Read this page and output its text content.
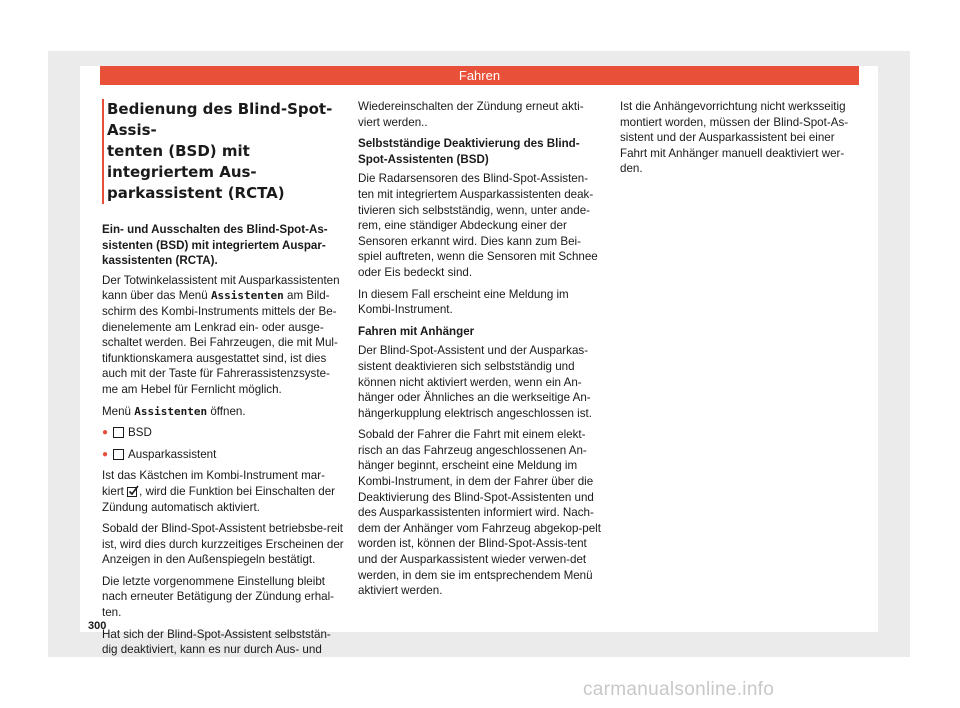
Fahren
Bedienung des Blind-Spot-Assis-
tenten (BSD) mit integriertem Aus-
parkassistent (RCTA)

Ein- und Ausschalten des Blind-Spot-As-sistenten (BSD) mit integriertem Auspar-kassistenten (RCTA).

Der Totwinkelassistent mit Ausparkassistenten kann über das Menü Assistenten am Bild-schirm des Kombi-Instruments mittels der Be-dienelemente am Lenkrad ein- oder ausge-schaltet werden. Bei Fahrzeugen, die mit Mul-tifunktionskamera ausgestattet sind, ist dies auch mit der Taste für Fahrerassistenzsyste-me am Hebel für Fernlicht möglich.

Menü Assistenten öffnen.

● BSD
● Ausparkassistent

Ist das Kästchen im Kombi-Instrument mar-kiert , wird die Funktion bei Einschalten der Zündung automatisch aktiviert.

Sobald der Blind-Spot-Assistent betriebsbe-reit ist, wird dies durch kurzzeitiges Erscheinen der Anzeigen in den Außenspiegeln bestätigt.

Die letzte vorgenommene Einstellung bleibt nach erneuter Betätigung der Zündung erhal-ten.

Hat sich der Blind-Spot-Assistent selbststän-dig deaktiviert, kann es nur durch Aus- und

Wiedereinschalten der Zündung erneut akti-viert werden..

Selbstständige Deaktivierung des Blind-Spot-Assistenten (BSD)

Die Radarsensoren des Blind-Spot-Assisten-ten mit integriertem Ausparkassistenten deak-tivieren sich selbstständig, wenn, unter ande-rem, eine ständiger Abdeckung einer der Sensoren erkannt wird. Dies kann zum Bei-spiel auftreten, wenn die Sensoren mit Schnee oder Eis bedeckt sind.

In diesem Fall erscheint eine Meldung im Kombi-Instrument.

Fahren mit Anhänger

Der Blind-Spot-Assistent und der Ausparkas-sistent deaktivieren sich selbstständig und können nicht aktiviert werden, wenn ein An-hänger oder Ähnliches an die werkseitige An-hängerkupplung elektrisch angeschlossen ist.

Sobald der Fahrer die Fahrt mit einem elekt-risch an das Fahrzeug angeschlossenen An-hänger beginnt, erscheint eine Meldung im Kombi-Instrument, in dem der Fahrer über die Deaktivierung des Blind-Spot-Assistenten und des Ausparkassistenten informiert wird. Nach-dem der Anhänger vom Fahrzeug abgekop-pelt worden ist, können der Blind-Spot-Assis-tent und der Ausparkassistent wieder verwen-det werden, in dem sie im entsprechendem Menü aktiviert werden.

Ist die Anhängevorrichtung nicht werksseitig montiert worden, müssen der Blind-Spot-As-sistent und der Ausparkassistent bei einer Fahrt mit Anhänger manuell deaktiviert wer-den.

300
carmanualsonline.info
